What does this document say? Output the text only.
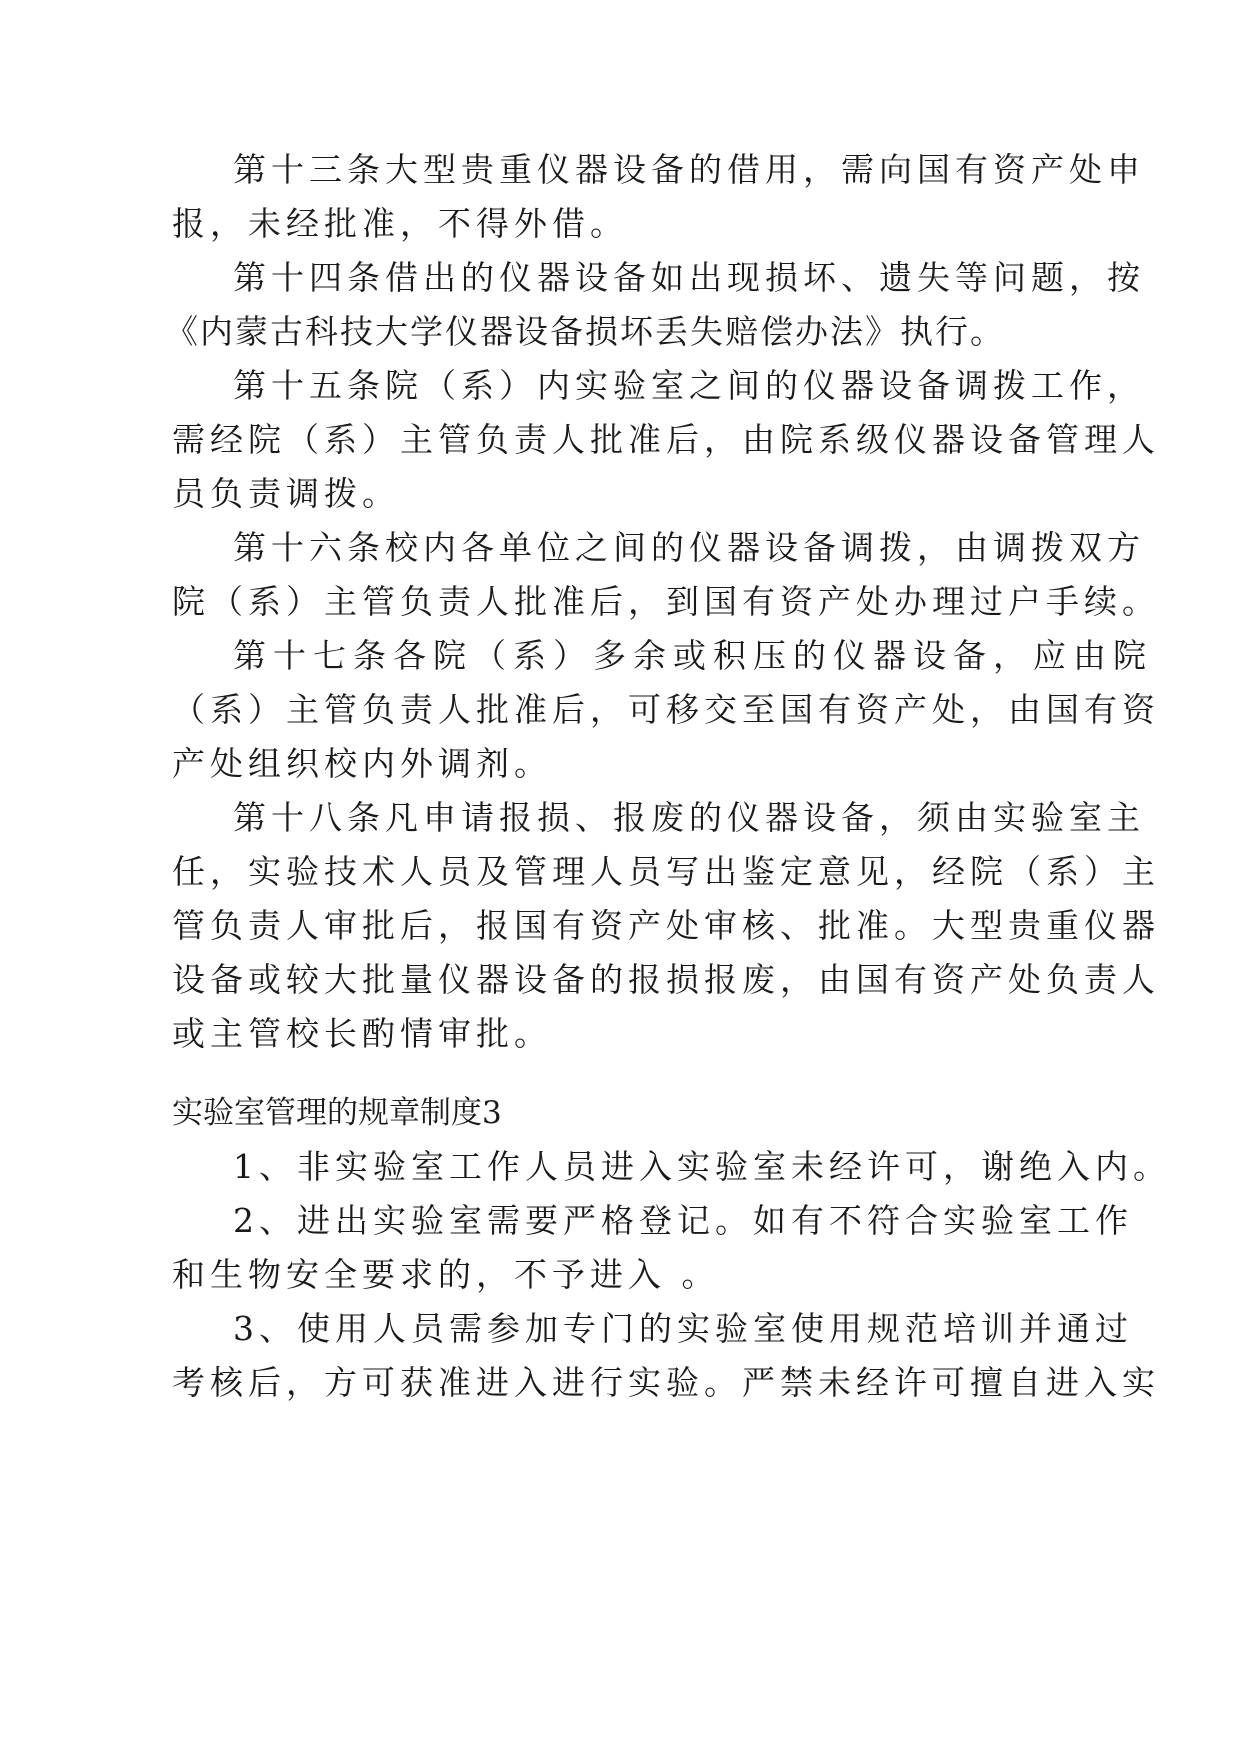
第十三条大型贵重仪器设备的借用，需向国有资产处申
报，未经批准，不得外借。
第十四条借出的仪器设备如出现损坏、遗失等问题，按
《内蒙古科技大学仪器设备损坏丢失赔偿办法》执行。
第十五条院（系）内实验室之间的仪器设备调拨工作，
需经院（系）主管负责人批准后，由院系级仪器设备管理人
员负责调拨。
第十六条校内各单位之间的仪器设备调拨，由调拨双方
院（系）主管负责人批准后，到国有资产处办理过户手续。
第十七条各院（系）多余或积压的仪器设备，应由院
（系）主管负责人批准后，可移交至国有资产处，由国有资
产处组织校内外调剂。
第十八条凡申请报损、报废的仪器设备，须由实验室主
任，实验技术人员及管理人员写出鉴定意见，经院（系）主
管负责人审批后，报国有资产处审核、批准。大型贵重仪器
设备或较大批量仪器设备的报损报废，由国有资产处负责人
或主管校长酌情审批。
实验室管理的规章制度3
1、非实验室工作人员进入实验室未经许可，谢绝入内。
2、进出实验室需要严格登记。如有不符合实验室工作
和生物安全要求的，不予进入 。
3、使用人员需参加专门的实验室使用规范培训并通过
考核后，方可获准进入进行实验。严禁未经许可擅自进入实
